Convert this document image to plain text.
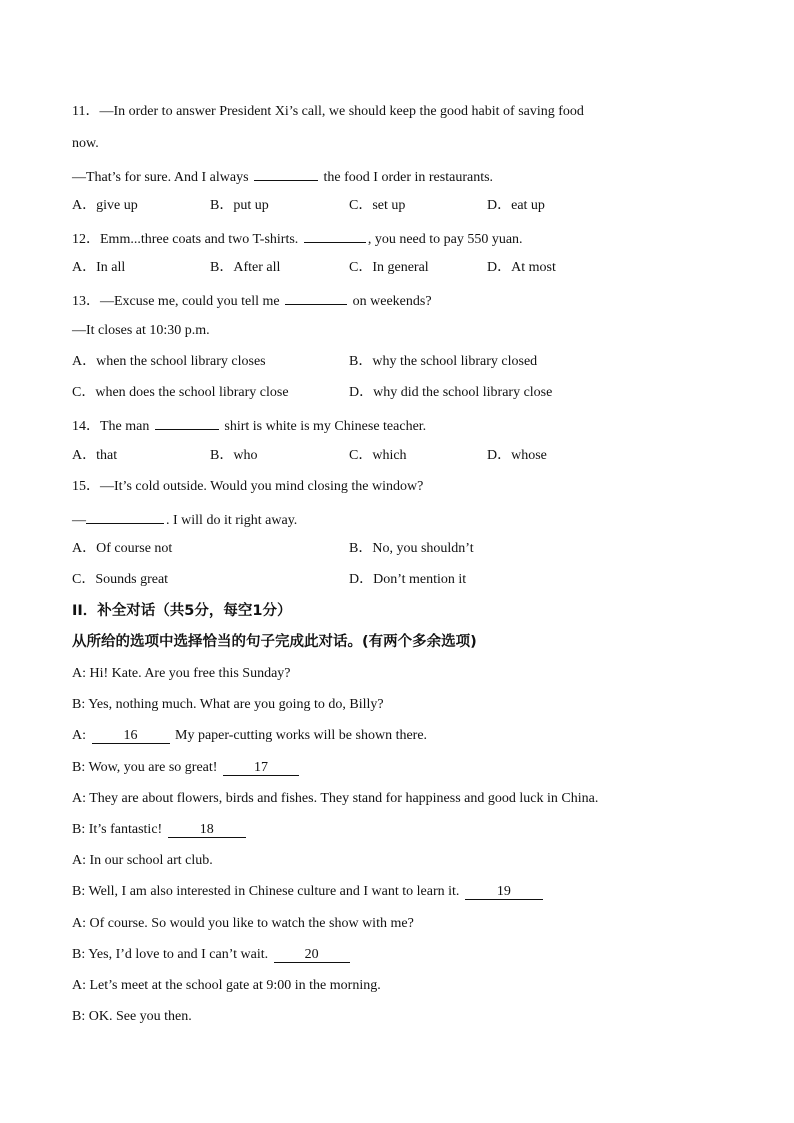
11．—In order to answer President Xi’s call, we should keep the good habit of saving food
now.
—That’s for sure. And I always	the food I order in restaurants.
A．give up	B．put up	C．set up	D．eat up
12．Emm...three coats and two T-shirts.	, you need to pay 550 yuan.
A．In all	B．After all	C．In general	D．At most
13．—Excuse me, could you tell me	on weekends?
—It closes at 10:30 p.m.
A．when the school library closes	B．why the school library closed
C．when does the school library close	D．why did the school library close
14．The man	shirt is white is my Chinese teacher.
A．that	B．who	C．which	D．whose
15．—It’s cold outside. Would you mind closing the window?
—	. I will do it right away.
A．Of course not	B．No, you shouldn’t
C．Sounds great	D．Don’t mention it
II．补全对话（共5分，每空1分）
从所给的选项中选择恰当的句子完成此对话。(有两个多余选项)
A: Hi! Kate. Are you free this Sunday?
B: Yes, nothing much. What are you going to do, Billy?
A:	16	My paper-cutting works will be shown there.
B: Wow, you are so great!	17
A: They are about flowers, birds and fishes. They stand for happiness and good luck in China.
B: It’s fantastic!	18
A: In our school art club.
B: Well, I am also interested in Chinese culture and I want to learn it.	19
A: Of course. So would you like to watch the show with me?
B: Yes, I’d love to and I can’t wait.	20
A: Let’s meet at the school gate at 9:00 in the morning.
B: OK. See you then.
